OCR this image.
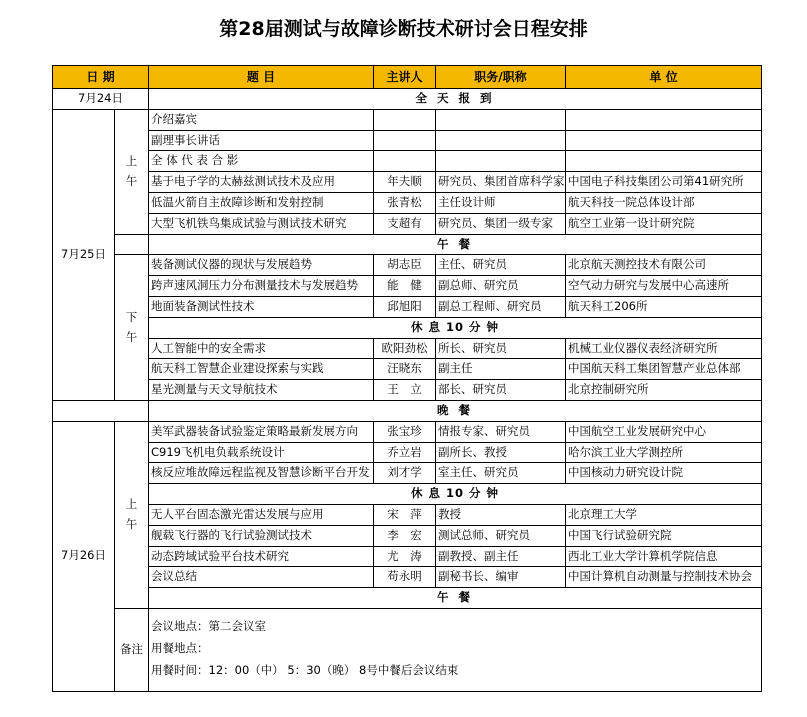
第28届测试与故障诊断技术研讨会日程安排
日 期		题 目	主讲人	职务/职称	单 位
7月24日		全 天 报 到			
7月25日	上午	介绍嘉宾			
		副理事长讲话			
		全 体 代 表 合 影			
		基于电子学的太赫兹测试技术及应用	年夫顺	研究员、集团首席科学家	中国电子科技集团公司第41研究所
		低温火箭自主故障诊断和发射控制	张青松	主任设计师	航天科技一院总体设计部
		大型飞机铁鸟集成试验与测试技术研究	支超有	研究员、集团一级专家	航空工业第一设计研究院
		午 餐			
	下午	装备测试仪器的现状与发展趋势	胡志臣	主任、研究员	北京航天测控技术有限公司
		跨声速风洞压力分布测量技术与发展趋势	能　健	副总师、研究员	空气动力研究与发展中心高速所
		地面装备测试性技术	邱旭阳	副总工程师、研究员	航天科工206所
		休 息 10 分 钟			
		人工智能中的安全需求	欧阳劲松	所长、研究员	机械工业仪器仪表经济研究所
		航天科工智慧企业建设探索与实践	汪晓东	副主任	中国航天科工集团智慧产业总体部
		星光测量与天文导航技术	王　立	部长、研究员	北京控制研究所
		晚 餐			
7月26日	上午	美军武器装备试验鉴定策略最新发展方向	张宝珍	情报专家、研究员	中国航空工业发展研究中心
		C919飞机电负载系统设计	乔立岩	副所长、教授	哈尔滨工业大学测控所
		核反应堆故障远程监视及智慧诊断平台开发	刘才学	室主任、研究员	中国核动力研究设计院
		休 息 10 分 钟			
		无人平台固态激光雷达发展与应用	宋　萍	教授	北京理工大学
		舰载飞行器的飞行试验测试技术	李　宏	测试总师、研究员	中国飞行试验研究院
		动态跨域试验平台技术研究	尤　涛	副教授、副主任	西北工业大学计算机学院信息
		会议总结	苟永明	副秘书长、编审	中国计算机自动测量与控制技术协会
		午 餐			
	备注	会议地点：第二会议室
用餐地点：
用餐时间：12：00（中） 5：30（晚） 8号中餐后会议结束			
